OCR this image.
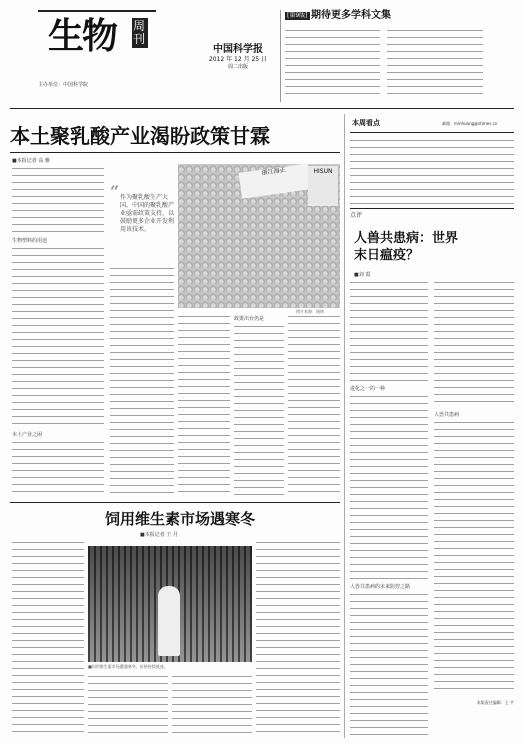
生物 周刊
主办单位：中国科学院
中国科学报
2012 年 12 月 25 日
周二出版
[第9版] 期待更多学科文集
本土聚乳酸产业渴盼政策甘霖
■本报记者 高 雅
生物塑料的用途
本土产业之困
“ 作为聚乳酸生产大国，中国的聚乳酸产业亟需政策支持，以鼓励更多企业开发利用该技术。
浙江海正	HISUN
图片来源：网络
政策出台仍是
饲用维生素市场遇寒冬
■本报记者 王 月
■饲用维生素市场遭遇寒冬，价格持续低迷。
本周看点	邮箱：minhuang@stimes.cn
点评
人兽共患病：世界末日瘟疫？
■刘 霞
进化之一的一种
人兽共患病的未来防控之路
人兽共患病
本版责任编辑：王 平
